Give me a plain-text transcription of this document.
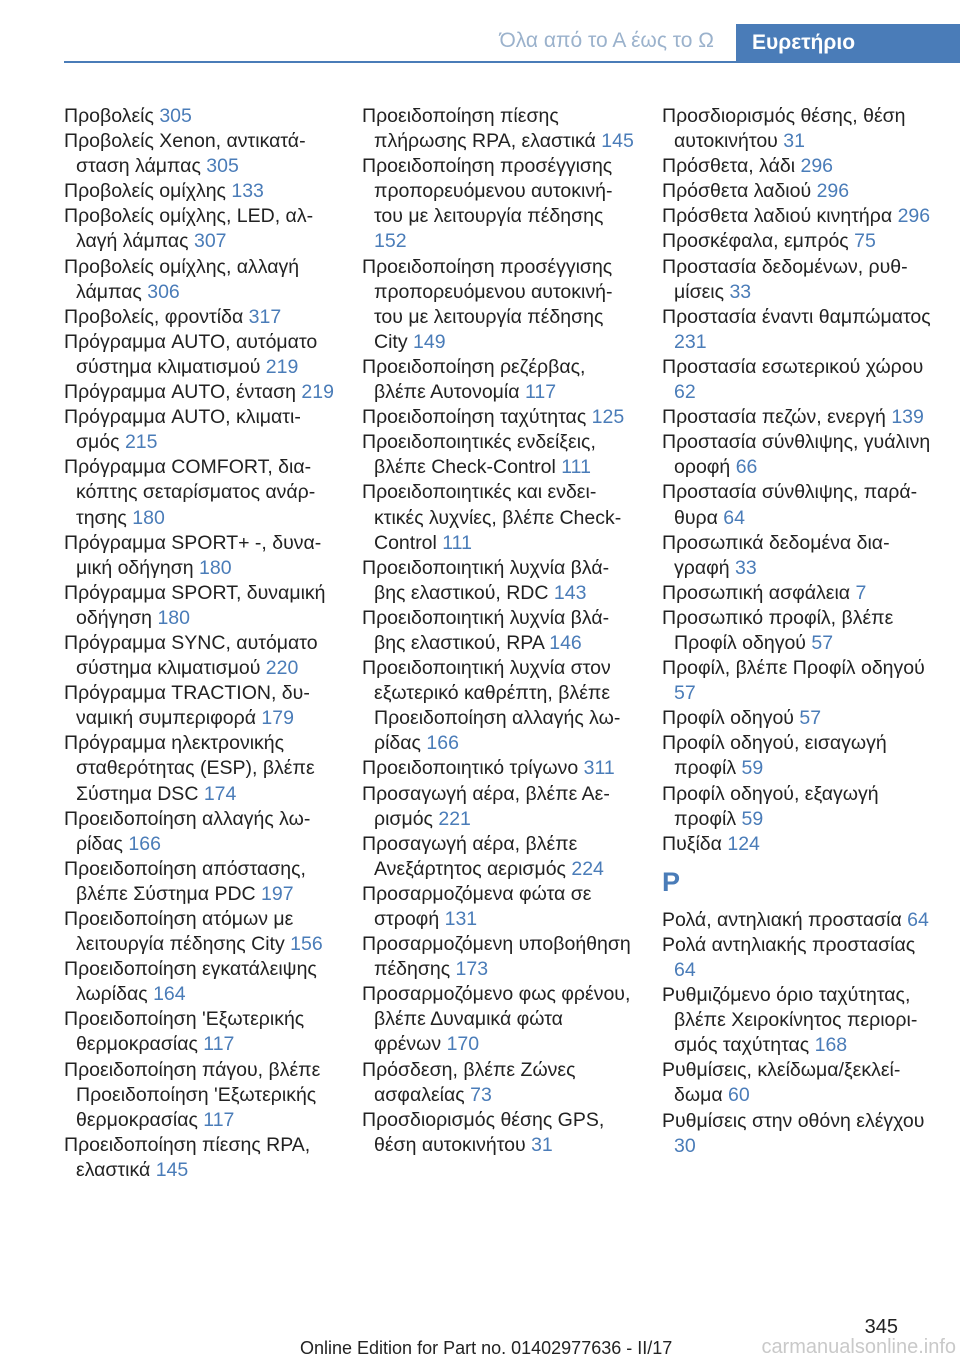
Όλα από το Α έως το Ω	Ευρετήριο
Προβολείς 305
Προβολείς Xenon, αντικατάσταση λάμπας 305
Προβολείς ομίχλης 133
Προβολείς ομίχλης, LED, αλλαγή λάμπας 307
Προβολείς ομίχλης, αλλαγή λάμπας 306
Προβολείς, φροντίδα 317
Πρόγραμμα AUTO, αυτόματο σύστημα κλιματισμού 219
Πρόγραμμα AUTO, ένταση 219
Πρόγραμμα AUTO, κλιματισμός 215
Πρόγραμμα COMFORT, διακόπτης σεταρίσματος ανάρτησης 180
Πρόγραμμα SPORT+ -, δυναμική οδήγηση 180
Πρόγραμμα SPORT, δυναμική οδήγηση 180
Πρόγραμμα SYNC, αυτόματο σύστημα κλιματισμού 220
Πρόγραμμα TRACTION, δυναμική συμπεριφορά 179
Πρόγραμμα ηλεκτρονικής σταθερότητας (ESP), βλέπε Σύστημα DSC 174
Προειδοποίηση αλλαγής λωρίδας 166
Προειδοποίηση απόστασης, βλέπε Σύστημα PDC 197
Προειδοποίηση ατόμων με λειτουργία πέδησης City 156
Προειδοποίηση εγκατάλειψης λωρίδας 164
Προειδοποίηση 'Εξωτερικής θερμοκρασίας 117
Προειδοποίηση πάγου, βλέπε Προειδοποίηση 'Εξωτερικής θερμοκρασίας 117
Προειδοποίηση πίεσης RPA, ελαστικά 145
Προειδοποίηση πίεσης πλήρωσης RPA, ελαστικά 145
Προειδοποίηση προσέγγισης προπορευόμενου αυτοκινήτου με λειτουργία πέδησης 152
Προειδοποίηση προσέγγισης προπορευόμενου αυτοκινήτου με λειτουργία πέδησης City 149
Προειδοποίηση ρεζέρβας, βλέπε Αυτονομία 117
Προειδοποίηση ταχύτητας 125
Προειδοποιητικές ενδείξεις, βλέπε Check-Control 111
Προειδοποιητικές και ενδεικτικές λυχνίες, βλέπε Check-Control 111
Προειδοποιητική λυχνία βλάβης ελαστικού, RDC 143
Προειδοποιητική λυχνία βλάβης ελαστικού, RPA 146
Προειδοποιητική λυχνία στον εξωτερικό καθρέπτη, βλέπε Προειδοποίηση αλλαγής λωρίδας 166
Προειδοποιητικό τρίγωνο 311
Προσαγωγή αέρα, βλέπε Αερισμός 221
Προσαγωγή αέρα, βλέπε Ανεξάρτητος αερισμός 224
Προσαρμοζόμενα φώτα σε στροφή 131
Προσαρμοζόμενη υποβοήθηση πέδησης 173
Προσαρμοζόμενο φως φρένου, βλέπε Δυναμικά φώτα φρένων 170
Πρόσδεση, βλέπε Ζώνες ασφαλείας 73
Προσδιορισμός θέσης GPS, θέση αυτοκινήτου 31
Προσδιορισμός θέσης, θέση αυτοκινήτου 31
Πρόσθετα, λάδι 296
Πρόσθετα λαδιού 296
Πρόσθετα λαδιού κινητήρα 296
Προσκέφαλα, εμπρός 75
Προστασία δεδομένων, ρυθμίσεις 33
Προστασία έναντι θαμπώματος 231
Προστασία εσωτερικού χώρου 62
Προστασία πεζών, ενεργή 139
Προστασία σύνθλιψης, γυάλινη οροφή 66
Προστασία σύνθλιψης, παράθυρα 64
Προσωπικά δεδομένα διαγραφή 33
Προσωπική ασφάλεια 7
Προσωπικό προφίλ, βλέπε Προφίλ οδηγού 57
Προφίλ, βλέπε Προφίλ οδηγού 57
Προφίλ οδηγού 57
Προφίλ οδηγού, εισαγωγή προφίλ 59
Προφίλ οδηγού, εξαγωγή προφίλ 59
Πυξίδα 124
Ρ
Ρολά, αντηλιακή προστασία 64
Ρολά αντηλιακής προστασίας 64
Ρυθμιζόμενο όριο ταχύτητας, βλέπε Χειροκίνητος περιορισμός ταχύτητας 168
Ρυθμίσεις, κλείδωμα/ξεκλείδωμα 60
Ρυθμίσεις στην οθόνη ελέγχου 30
345
Online Edition for Part no. 01402977636 - II/17	carmanualsonline.info
